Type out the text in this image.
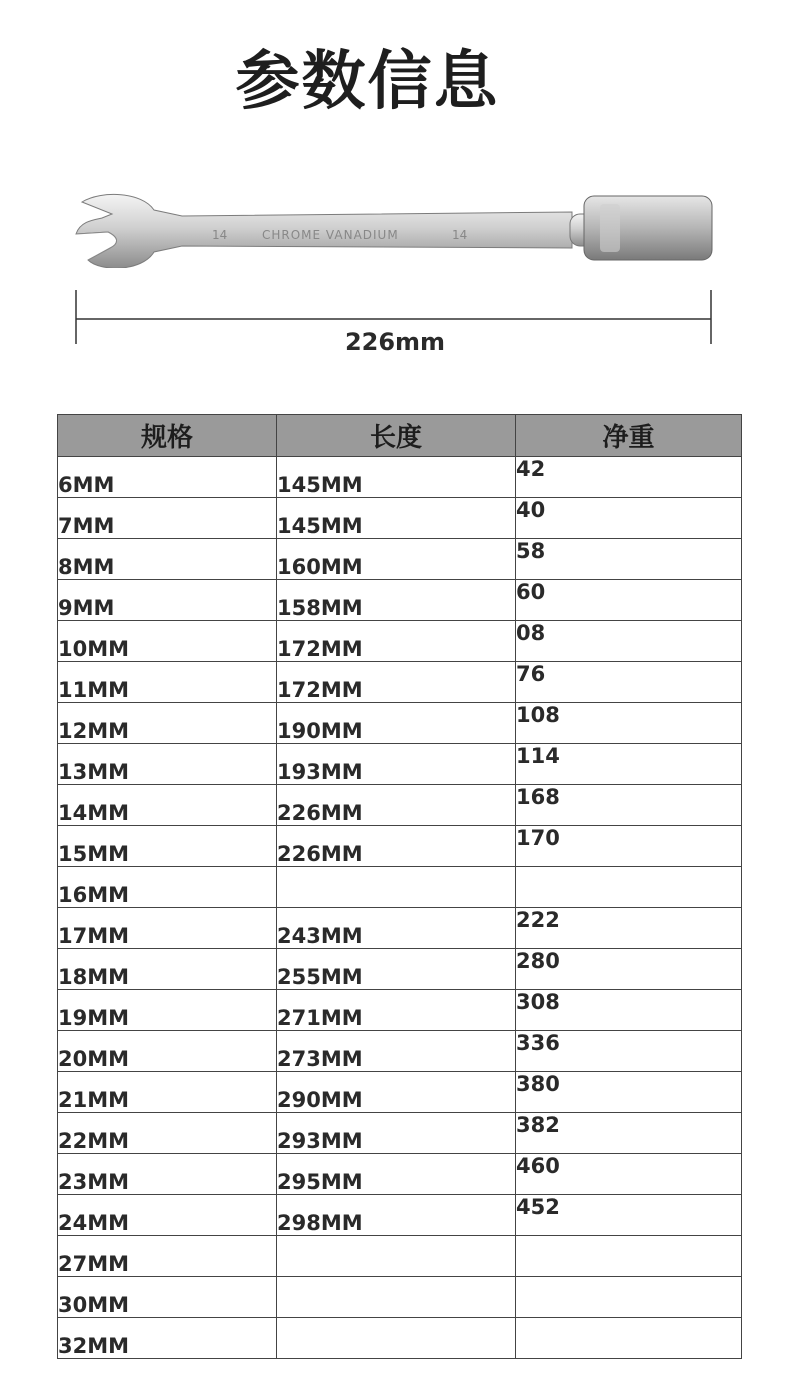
参数信息
14	CHROME VANADIUM	14
226mm
规格	长度	净重
6MM	145MM	42
7MM	145MM	40
8MM	160MM	58
9MM	158MM	60
10MM	172MM	08
11MM	172MM	76
12MM	190MM	108
13MM	193MM	114
14MM	226MM	168
15MM	226MM	170
16MM		
17MM	243MM	222
18MM	255MM	280
19MM	271MM	308
20MM	273MM	336
21MM	290MM	380
22MM	293MM	382
23MM	295MM	460
24MM	298MM	452
27MM		
30MM		
32MM		
